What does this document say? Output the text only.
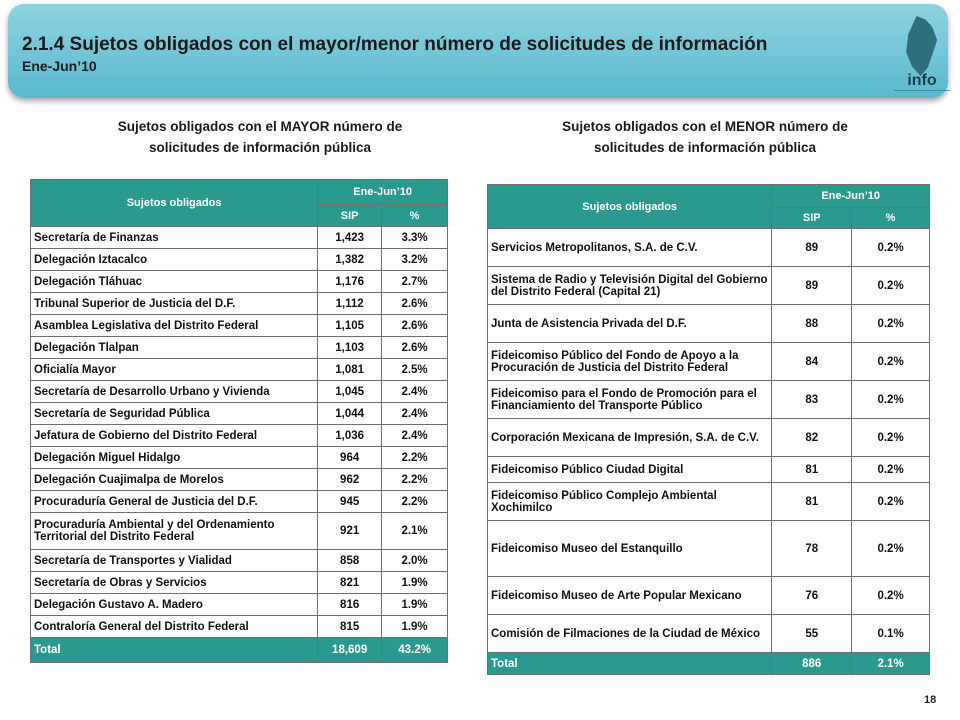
2.1.4 Sujetos obligados con el mayor/menor número de solicitudes de información
Ene-Jun’10
info
Sujetos obligados con el MAYOR número de
solicitudes de información pública
Sujetos obligados con el MENOR número de
solicitudes de información pública
Sujetos obligados	Ene-Jun’10	
	SIP	%
Secretaría de Finanzas	1,423	3.3%
Delegación Iztacalco	1,382	3.2%
Delegación Tláhuac	1,176	2.7%
Tribunal Superior de Justicia del D.F.	1,112	2.6%
Asamblea Legislativa del Distrito Federal	1,105	2.6%
Delegación Tlalpan	1,103	2.6%
Oficialía Mayor	1,081	2.5%
Secretaría de Desarrollo Urbano y Vivienda	1,045	2.4%
Secretaría de Seguridad Pública	1,044	2.4%
Jefatura de Gobierno del Distrito Federal	1,036	2.4%
Delegación Miguel Hidalgo	964	2.2%
Delegación Cuajimalpa de Morelos	962	2.2%
Procuraduría General de Justicia del D.F.	945	2.2%
Procuraduría Ambiental y del Ordenamiento Territorial del Distrito Federal	921	2.1%
Secretaría de Transportes y Vialidad	858	2.0%
Secretaría de Obras y Servicios	821	1.9%
Delegación Gustavo A. Madero	816	1.9%
Contraloría General del Distrito Federal	815	1.9%
Total	18,609	43.2%
Sujetos obligados	Ene-Jun’10	
	SIP	%
Servicios Metropolitanos, S.A. de C.V.	89	0.2%
Sistema de Radio y Televisión Digital del Gobierno del Distrito Federal (Capital 21)	89	0.2%
Junta de Asistencia Privada del D.F.	88	0.2%
Fideicomiso Público del Fondo de Apoyo a la Procuración de Justicia del Distrito Federal	84	0.2%
Fideicomiso para el Fondo de Promoción para el Financiamiento del Transporte Público	83	0.2%
Corporación Mexicana de Impresión, S.A. de C.V.	82	0.2%
Fideicomiso Público Ciudad Digital	81	0.2%
Fideicomiso Público Complejo Ambiental Xochimilco	81	0.2%
Fideicomiso Museo del Estanquillo	78	0.2%
Fideicomiso Museo de Arte Popular Mexicano	76	0.2%
Comisión de Filmaciones de la Ciudad de México	55	0.1%
Total	886	2.1%
18
